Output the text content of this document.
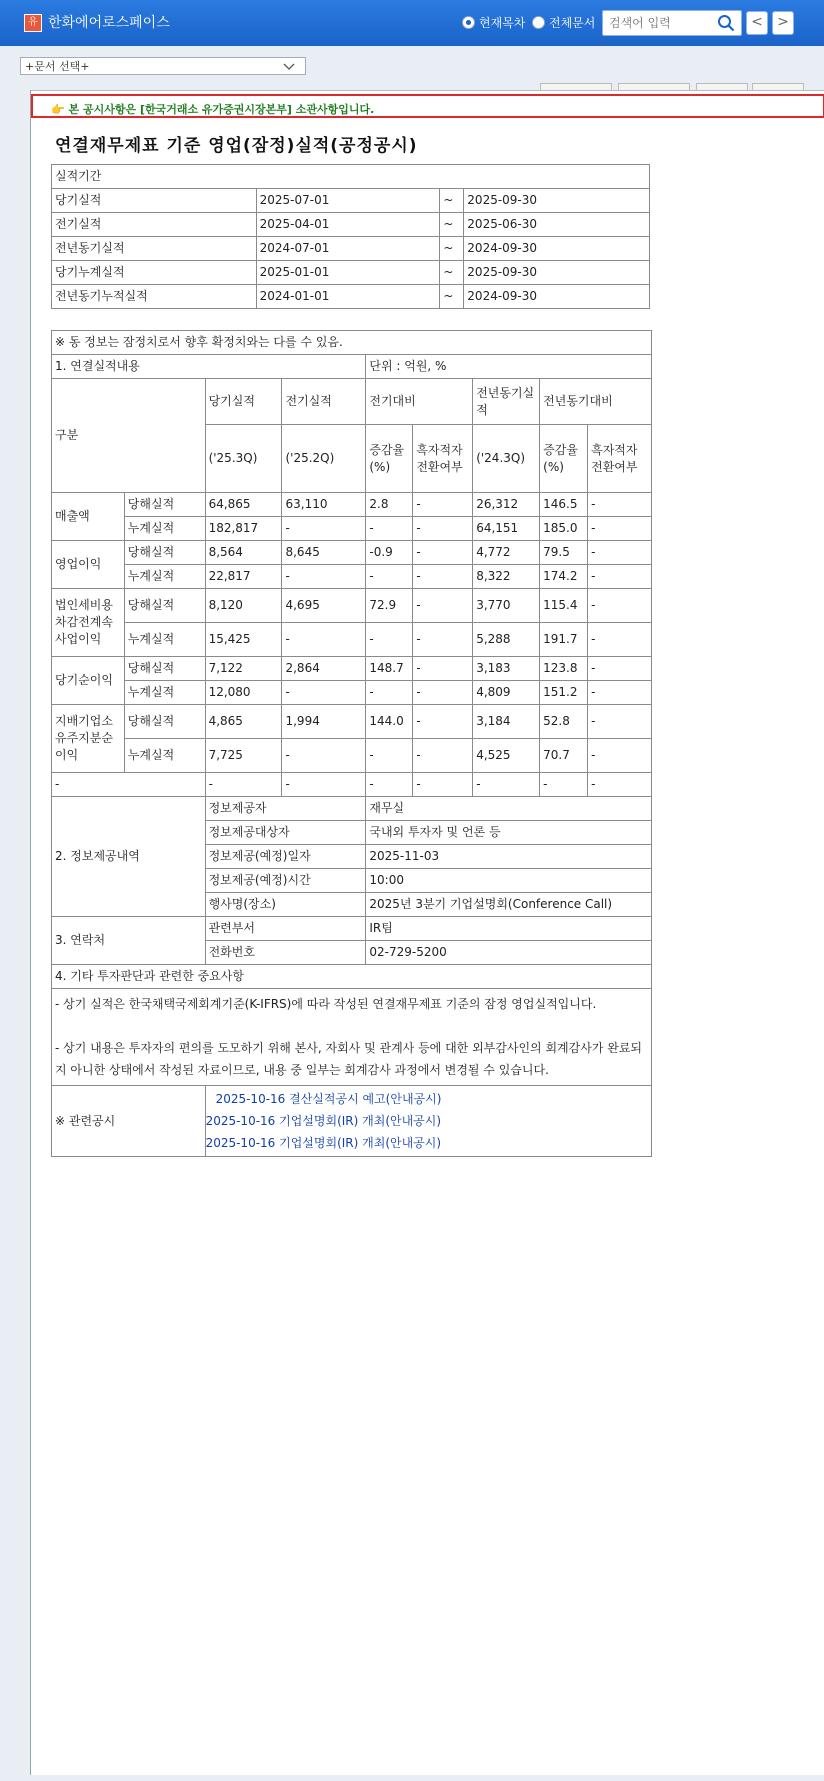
유 한화에어로스페이스	현재목차 전체문서
검색어 입력	<	>
+문서 선택+
👉 본 공시사항은 [한국거래소 유가증권시장본부] 소관사항입니다.
연결재무제표 기준 영업(잠정)실적(공정공시)
실적기간			
당기실적	2025-07-01	~	2025-09-30
전기실적	2025-04-01	~	2025-06-30
전년동기실적	2024-07-01	~	2024-09-30
당기누계실적	2025-01-01	~	2025-09-30
전년동기누적실적	2024-01-01	~	2024-09-30
※ 동 정보는 잠정치로서 향후 확정치와는 다를 수 있음.								
1. 연결실적내용				단위 : 억원, %				
구분		당기실적	전기실적	전기대비		전년동기실적	전년동기대비	
		('25.3Q)	('25.2Q)	증감율(%)	흑자적자전환여부	('24.3Q)	증감율(%)	흑자적자전환여부
매출액	당해실적	64,865	63,110	2.8	-	26,312	146.5	-
	누계실적	182,817	-	-	-	64,151	185.0	-
영업이익	당해실적	8,564	8,645	-0.9	-	4,772	79.5	-
	누계실적	22,817	-	-	-	8,322	174.2	-
법인세비용차감전계속사업이익	당해실적	8,120	4,695	72.9	-	3,770	115.4	-
	누계실적	15,425	-	-	-	5,288	191.7	-
당기순이익	당해실적	7,122	2,864	148.7	-	3,183	123.8	-
	누계실적	12,080	-	-	-	4,809	151.2	-
지배기업소유주지분순이익	당해실적	4,865	1,994	144.0	-	3,184	52.8	-
	누계실적	7,725	-	-	-	4,525	70.7	-
-		-	-	-	-	-	-	-
2. 정보제공내역		정보제공자		재무실				
		정보제공대상자		국내외 투자자 및 언론 등				
		정보제공(예정)일자		2025-11-03				
		정보제공(예정)시간		10:00				
		행사명(장소)		2025년 3분기 기업설명회(Conference Call)				
3. 연락처		관련부서		IR팀				
		전화번호		02-729-5200				
4. 기타 투자판단과 관련한 중요사항								

- 상기 실적은 한국채택국제회계기준(K-IFRS)에 따라 작성된 연결재무제표 기준의 잠정 영업실적입니다.
- 상기 내용은 투자자의 편의를 도모하기 위해 본사, 자회사 및 관계사 등에 대한 외부감사인의 회계감사가 완료되지 아니한 상태에서 작성된 자료이므로, 내용 중 일부는 회계감사 과정에서 변경될 수 있습니다.								

※ 관련공시		2025-10-16 결산실적공시 예고(안내공시)
2025-10-16 기업설명회(IR) 개최(안내공시)
2025-10-16 기업설명회(IR) 개최(안내공시)						
